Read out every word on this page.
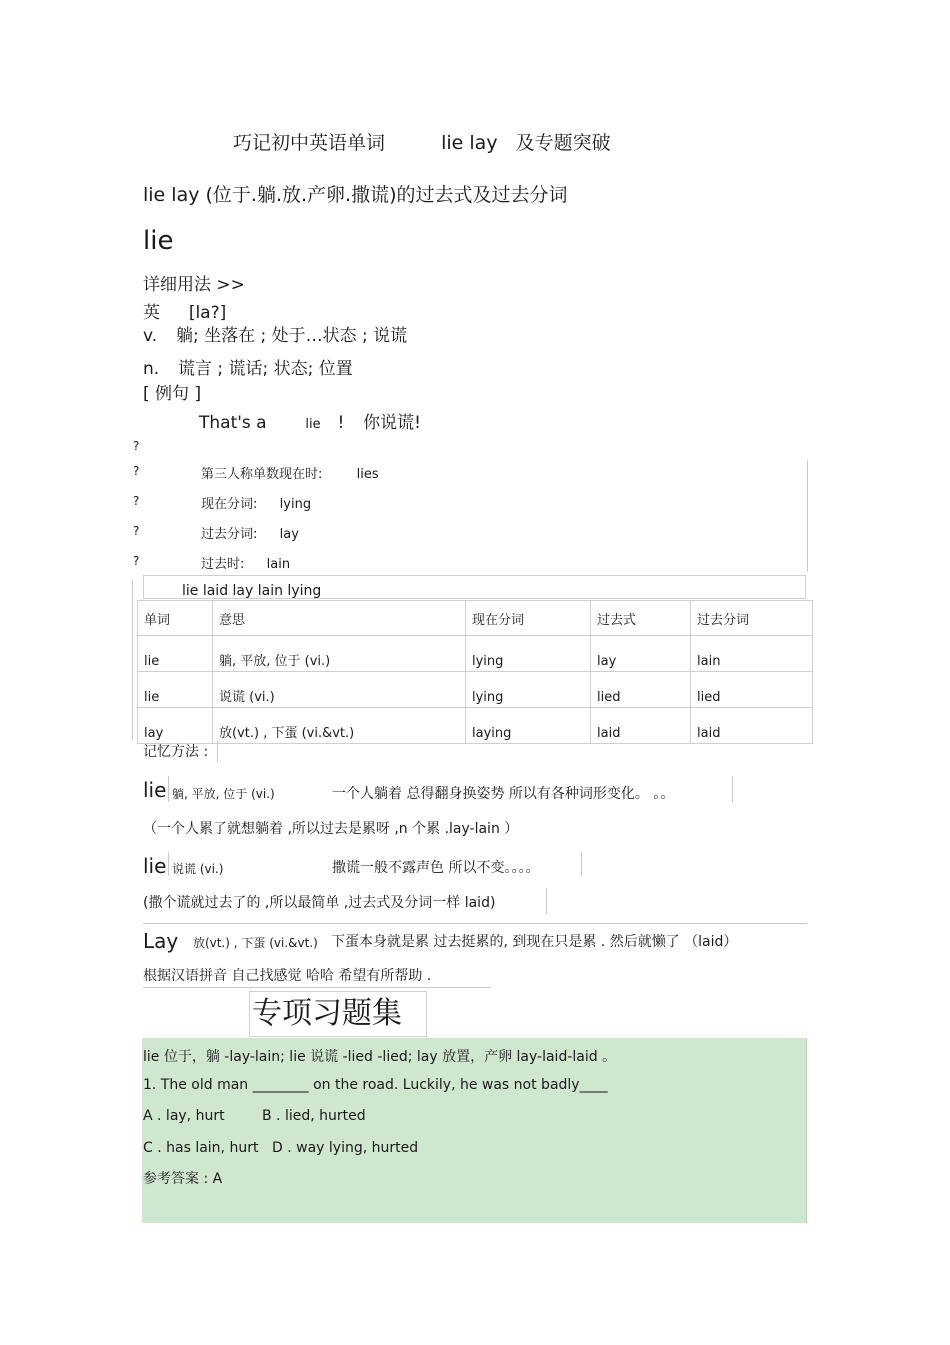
巧记初中英语单词	lie lay 及专题突破
lie lay (位于.躺.放.产卵.撒谎)的过去式及过去分词
lie
详细用法 >>
英 [la?]
v. 躺; 坐落在 ; 处于…状态 ; 说谎
n. 谎言 ; 谎话; 状态; 位置
[ 例句 ]
That's a	lie ! 你说谎!
?
?
?
?
?
第三人称单数现在时:	lies
现在分词: lying
过去分词: lay
过去时: lain
lie laid lay lain lying
单词	意思	现在分词	过去式	过去分词
lie	躺, 平放, 位于 (vi.)	lying	lay	lain
lie	说谎 (vi.)	lying	lied	lied
lay	放(vt.) , 下蛋 (vi.&vt.)	laying	laid	laid
记忆方法 :
lie 躺, 平放, 位于 (vi.)	一个人躺着 总得翻身换姿势 所以有各种词形变化。 。。
（一个人累了就想躺着 ,所以过去是累呀 ,n 个累 .lay-lain ）
lie 说谎 (vi.)	撒谎一般不露声色 所以不变。。。。
(撒个谎就过去了的 ,所以最简单 ,过去式及分词一样 laid)
Lay 放(vt.) , 下蛋 (vi.&vt.) 下蛋本身就是累 过去挺累的, 到现在只是累 . 然后就懒了 （laid）
根据汉语拼音 自己找感觉 哈哈 希望有所帮助 .
专项习题集
lie 位于，躺 -lay-lain; lie 说谎 -lied -lied; lay 放置，产卵 lay-laid-laid 。
1. The old man ________ on the road. Luckily, he was not badly____
A . lay, hurt	B . lied, hurted
C . has lain, hurt D . way lying, hurted
参考答案 : A
